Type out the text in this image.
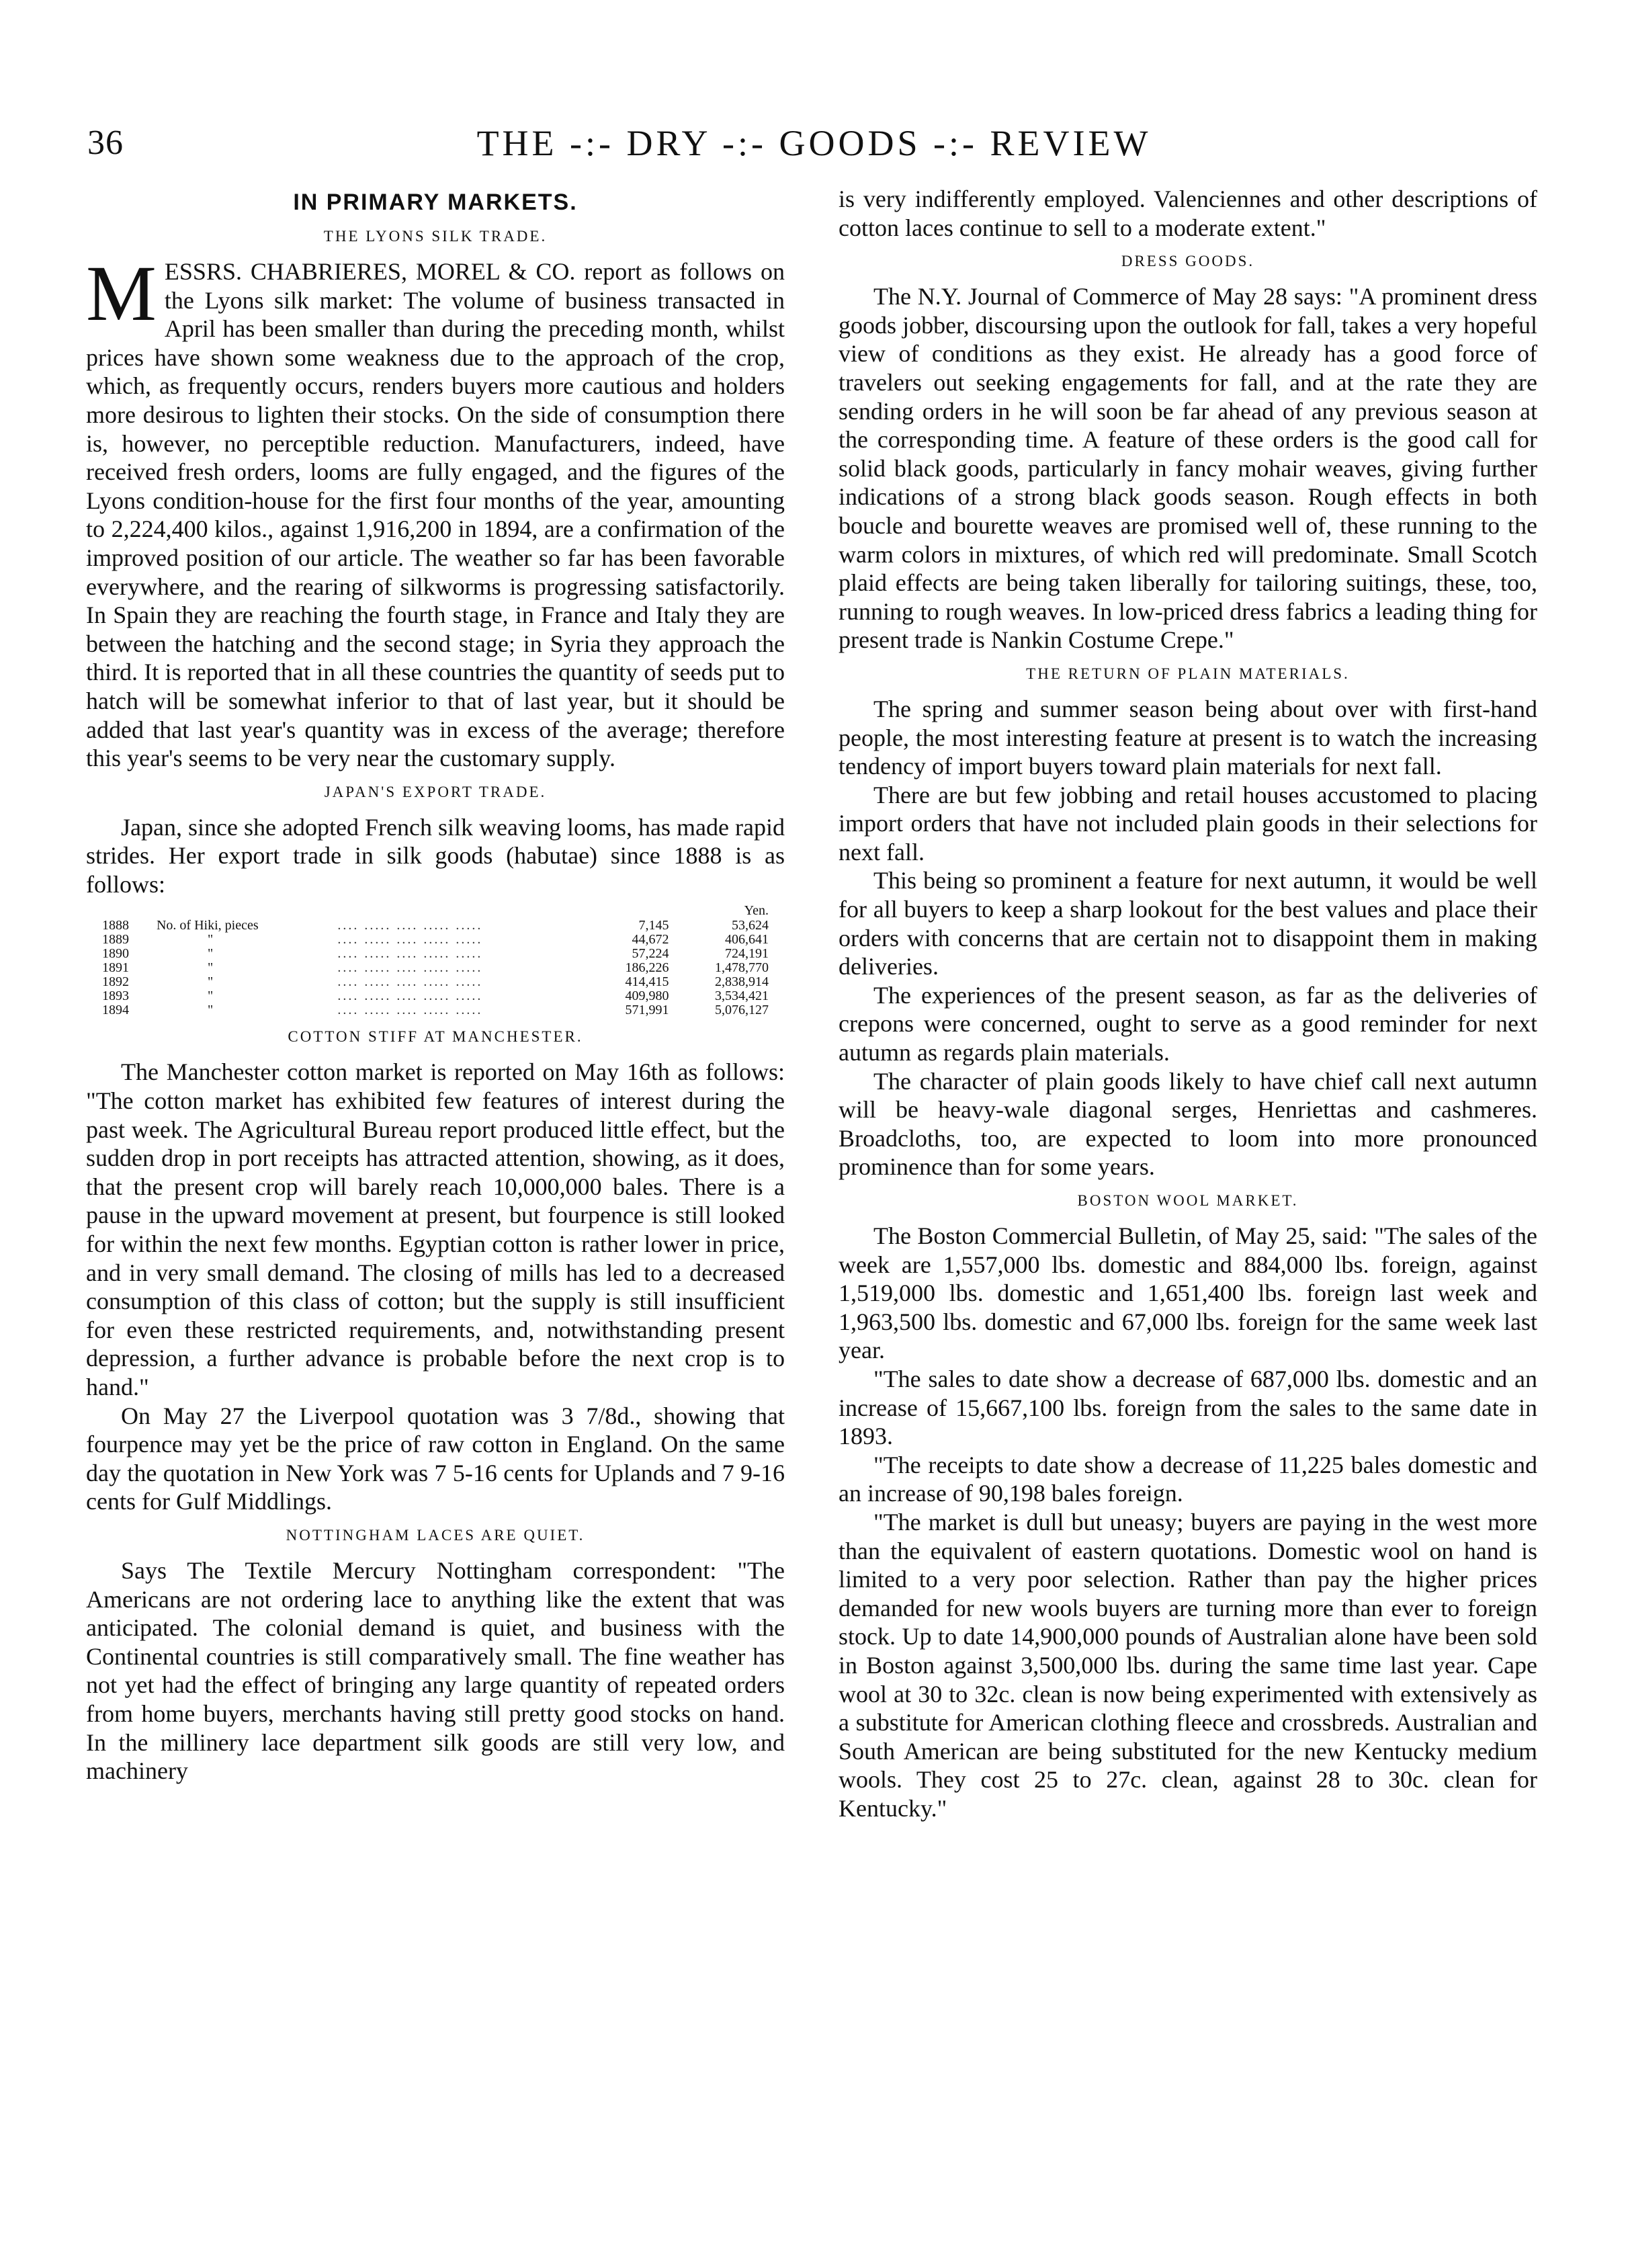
36	THE -:- DRY -:- GOODS -:- REVIEW
IN PRIMARY MARKETS.
THE LYONS SILK TRADE.

MESSRS. CHABRIERES, MOREL & CO. report as follows on the Lyons silk market: The volume of business transacted in April has been smaller than during the preceding month, whilst prices have shown some weakness due to the approach of the crop, which, as frequently occurs, renders buyers more cautious and holders more desirous to lighten their stocks. On the side of consumption there is, however, no perceptible reduction. Manufacturers, indeed, have received fresh orders, looms are fully engaged, and the figures of the Lyons condition-house for the first four months of the year, amounting to 2,224,400 kilos., against 1,916,200 in 1894, are a confirmation of the improved position of our article. The weather so far has been favorable everywhere, and the rearing of silkworms is progressing satisfactorily. In Spain they are reaching the fourth stage, in France and Italy they are between the hatching and the second stage; in Syria they approach the third. It is reported that in all these countries the quantity of seeds put to hatch will be somewhat inferior to that of last year, but it should be added that last year's quantity was in excess of the average; therefore this year's seems to be very near the customary supply.

JAPAN'S EXPORT TRADE.

Japan, since she adopted French silk weaving looms, has made rapid strides. Her export trade in silk goods (habutae) since 1888 is as follows:

				Yen.
1888	No. of Hiki, pieces	.... ..... .... ..... .....	7,145	53,624
1889	"	.... ..... .... ..... .....	44,672	406,641
1890	"	.... ..... .... ..... .....	57,224	724,191
1891	"	.... ..... .... ..... .....	186,226	1,478,770
1892	"	.... ..... .... ..... .....	414,415	2,838,914
1893	"	.... ..... .... ..... .....	409,980	3,534,421
1894	"	.... ..... .... ..... .....	571,991	5,076,127
COTTON STIFF AT MANCHESTER.

The Manchester cotton market is reported on May 16th as follows: "The cotton market has exhibited few features of interest during the past week. The Agricultural Bureau report produced little effect, but the sudden drop in port receipts has attracted attention, showing, as it does, that the present crop will barely reach 10,000,000 bales. There is a pause in the upward movement at present, but fourpence is still looked for within the next few months. Egyptian cotton is rather lower in price, and in very small demand. The closing of mills has led to a decreased consumption of this class of cotton; but the supply is still insufficient for even these restricted requirements, and, notwithstanding present depression, a further advance is probable before the next crop is to hand."

On May 27 the Liverpool quotation was 3 7/8d., showing that fourpence may yet be the price of raw cotton in England. On the same day the quotation in New York was 7 5-16 cents for Uplands and 7 9-16 cents for Gulf Middlings.

NOTTINGHAM LACES ARE QUIET.

Says The Textile Mercury Nottingham correspondent: "The Americans are not ordering lace to anything like the extent that was anticipated. The colonial demand is quiet, and business with the Continental countries is still comparatively small. The fine weather has not yet had the effect of bringing any large quantity of repeated orders from home buyers, merchants having still pretty good stocks on hand. In the millinery lace department silk goods are still very low, and machinery

is very indifferently employed. Valenciennes and other descriptions of cotton laces continue to sell to a moderate extent."

DRESS GOODS.

The N.Y. Journal of Commerce of May 28 says: "A prominent dress goods jobber, discoursing upon the outlook for fall, takes a very hopeful view of conditions as they exist. He already has a good force of travelers out seeking engagements for fall, and at the rate they are sending orders in he will soon be far ahead of any previous season at the corresponding time. A feature of these orders is the good call for solid black goods, particularly in fancy mohair weaves, giving further indications of a strong black goods season. Rough effects in both boucle and bourette weaves are promised well of, these running to the warm colors in mixtures, of which red will predominate. Small Scotch plaid effects are being taken liberally for tailoring suitings, these, too, running to rough weaves. In low-priced dress fabrics a leading thing for present trade is Nankin Costume Crepe."

THE RETURN OF PLAIN MATERIALS.

The spring and summer season being about over with first-hand people, the most interesting feature at present is to watch the increasing tendency of import buyers toward plain materials for next fall.

There are but few jobbing and retail houses accustomed to placing import orders that have not included plain goods in their selections for next fall.

This being so prominent a feature for next autumn, it would be well for all buyers to keep a sharp lookout for the best values and place their orders with concerns that are certain not to disappoint them in making deliveries.

The experiences of the present season, as far as the deliveries of crepons were concerned, ought to serve as a good reminder for next autumn as regards plain materials.

The character of plain goods likely to have chief call next autumn will be heavy-wale diagonal serges, Henriettas and cashmeres. Broadcloths, too, are expected to loom into more pronounced prominence than for some years.

BOSTON WOOL MARKET.

The Boston Commercial Bulletin, of May 25, said: "The sales of the week are 1,557,000 lbs. domestic and 884,000 lbs. foreign, against 1,519,000 lbs. domestic and 1,651,400 lbs. foreign last week and 1,963,500 lbs. domestic and 67,000 lbs. foreign for the same week last year.

"The sales to date show a decrease of 687,000 lbs. domestic and an increase of 15,667,100 lbs. foreign from the sales to the same date in 1893.

"The receipts to date show a decrease of 11,225 bales domestic and an increase of 90,198 bales foreign.

"The market is dull but uneasy; buyers are paying in the west more than the equivalent of eastern quotations. Domestic wool on hand is limited to a very poor selection. Rather than pay the higher prices demanded for new wools buyers are turning more than ever to foreign stock. Up to date 14,900,000 pounds of Australian alone have been sold in Boston against 3,500,000 lbs. during the same time last year. Cape wool at 30 to 32c. clean is now being experimented with extensively as a substitute for American clothing fleece and crossbreds. Australian and South American are being substituted for the new Kentucky medium wools. They cost 25 to 27c. clean, against 28 to 30c. clean for Kentucky."
